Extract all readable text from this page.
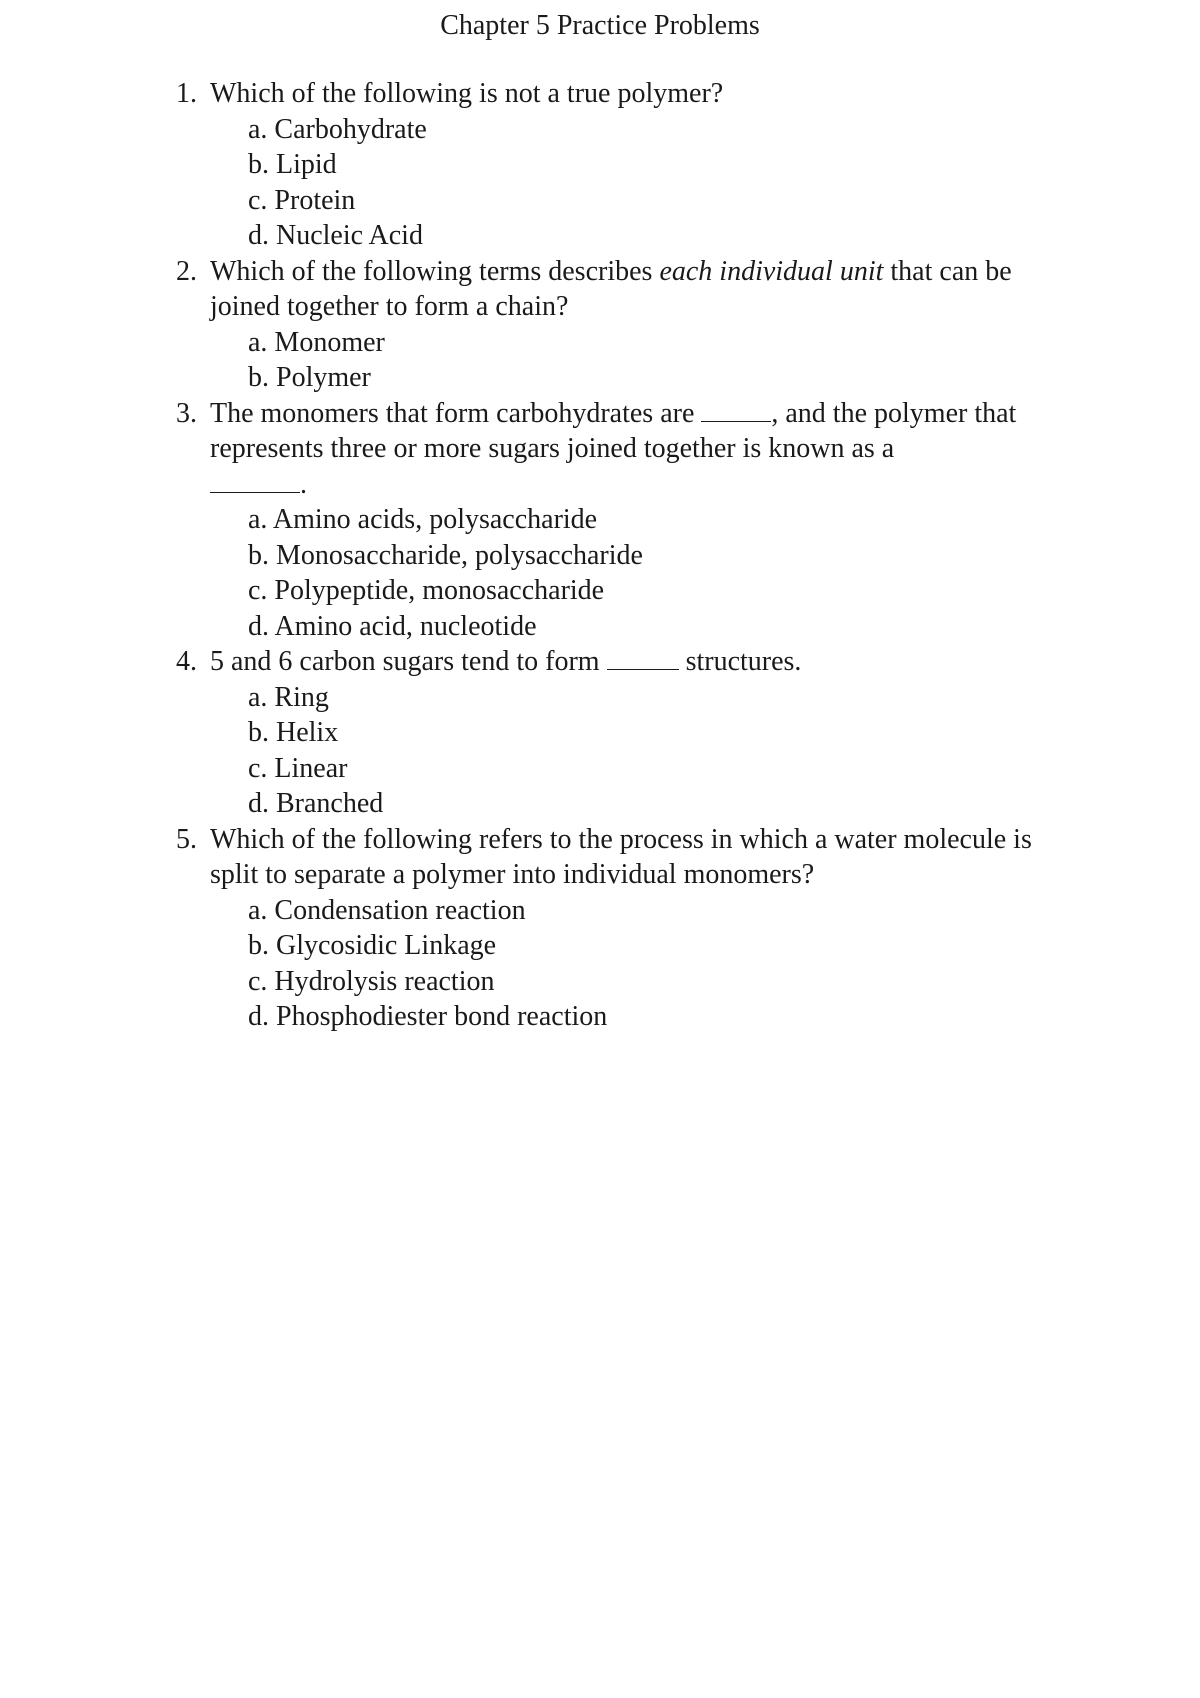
Chapter 5 Practice Problems
1. Which of the following is not a true polymer?
a. Carbohydrate
b. Lipid
c. Protein
d. Nucleic Acid
2. Which of the following terms describes each individual unit that can be joined together to form a chain?
a. Monomer
b. Polymer
3. The monomers that form carbohydrates are	, and the polymer that represents three or more sugars joined together is known as a
.
a. Amino acids, polysaccharide
b. Monosaccharide, polysaccharide
c. Polypeptide, monosaccharide
d. Amino acid, nucleotide
4. 5 and 6 carbon sugars tend to form	structures.
a. Ring
b. Helix
c. Linear
d. Branched
5. Which of the following refers to the process in which a water molecule is split to separate a polymer into individual monomers?
a. Condensation reaction
b. Glycosidic Linkage
c. Hydrolysis reaction
d. Phosphodiester bond reaction
